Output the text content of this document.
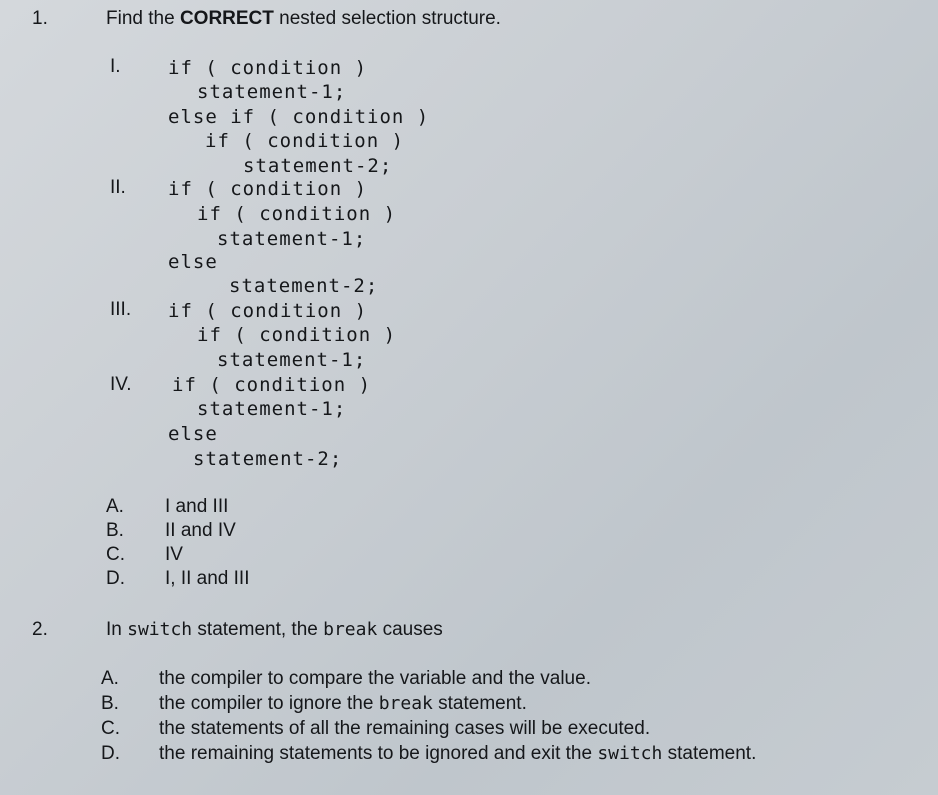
1.	Find the CORRECT nested selection structure.
I. if ( condition )
statement-1;
else if ( condition )
if ( condition )
statement-2;
II. if ( condition )
if ( condition )
statement-1;
else
statement-2;
III. if ( condition )
if ( condition )
statement-1;
IV. if ( condition )
statement-1;
else
statement-2;
A. I and III
B. II and IV
C. IV
D. I, II and III
2.	In switch statement, the break causes
A. the compiler to compare the variable and the value.
B. the compiler to ignore the break statement.
C. the statements of all the remaining cases will be executed.
D. the remaining statements to be ignored and exit the switch statement.
